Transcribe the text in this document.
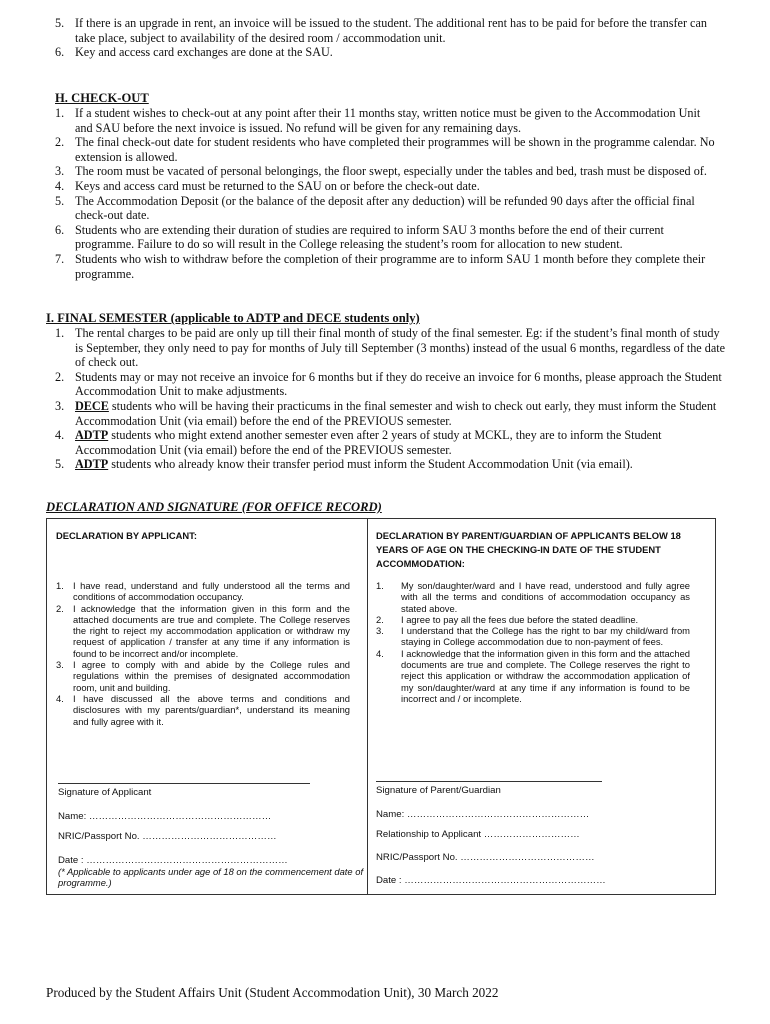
5. If there is an upgrade in rent, an invoice will be issued to the student. The additional rent has to be paid for before the transfer can take place, subject to availability of the desired room / accommodation unit.
6. Key and access card exchanges are done at the SAU.
H. CHECK-OUT
1. If a student wishes to check-out at any point after their 11 months stay, written notice must be given to the Accommodation Unit and SAU before the next invoice is issued. No refund will be given for any remaining days.
2. The final check-out date for student residents who have completed their programmes will be shown in the programme calendar. No extension is allowed.
3. The room must be vacated of personal belongings, the floor swept, especially under the tables and bed, trash must be disposed of.
4. Keys and access card must be returned to the SAU on or before the check-out date.
5. The Accommodation Deposit (or the balance of the deposit after any deduction) will be refunded 90 days after the official final check-out date.
6. Students who are extending their duration of studies are required to inform SAU 3 months before the end of their current programme. Failure to do so will result in the College releasing the student’s room for allocation to new student.
7. Students who wish to withdraw before the completion of their programme are to inform SAU 1 month before they complete their programme.
I. FINAL SEMESTER (applicable to ADTP and DECE students only)
1. The rental charges to be paid are only up till their final month of study of the final semester. Eg: if the student’s final month of study is September, they only need to pay for months of July till September (3 months) instead of the usual 6 months, regardless of the date of check out.
2. Students may or may not receive an invoice for 6 months but if they do receive an invoice for 6 months, please approach the Student Accommodation Unit to make adjustments.
3. DECE students who will be having their practicums in the final semester and wish to check out early, they must inform the Student Accommodation Unit (via email) before the end of the PREVIOUS semester.
4. ADTP students who might extend another semester even after 2 years of study at MCKL, they are to inform the Student Accommodation Unit (via email) before the end of the PREVIOUS semester.
5. ADTP students who already know their transfer period must inform the Student Accommodation Unit (via email).
DECLARATION AND SIGNATURE (FOR OFFICE RECORD)
DECLARATION BY APPLICANT:
1. I have read, understand and fully understood all the terms and conditions of accommodation occupancy.
2. I acknowledge that the information given in this form and the attached documents are true and complete. The College reserves the right to reject my accommodation application or withdraw my request of application / transfer at any time if any information is found to be incorrect and/or incomplete.
3. I agree to comply with and abide by the College rules and regulations within the premises of designated accommodation room, unit and building.
4. I have discussed all the above terms and conditions and disclosures with my parents/guardian*, understand its meaning and fully agree with it.
Signature of Applicant
Name: …………………………………………………
NRIC/Passport No. ……………………………………
Date : ………………………………………………………
(* Applicable to applicants under age of 18 on the commencement date of programme.)
DECLARATION BY PARENT/GUARDIAN OF APPLICANTS BELOW 18 YEARS OF AGE ON THE CHECKING-IN DATE OF THE STUDENT ACCOMMODATION:
1. My son/daughter/ward and I have read, understood and fully agree with all the terms and conditions of accommodation occupancy as stated above.
2. I agree to pay all the fees due before the stated deadline.
3. I understand that the College has the right to bar my child/ward from staying in College accommodation due to non-payment of fees.
4. I acknowledge that the information given in this form and the attached documents are true and complete. The College reserves the right to reject this application or withdraw the accommodation application of my son/daughter/ward at any time if any information is found to be incorrect and / or incomplete.
Signature of Parent/Guardian
Name: …………………………………………………
Relationship to Applicant …………………………
NRIC/Passport No. ……………………………………
Date : ………………………………………………………
Produced by the Student Affairs Unit (Student Accommodation Unit), 30 March 2022
